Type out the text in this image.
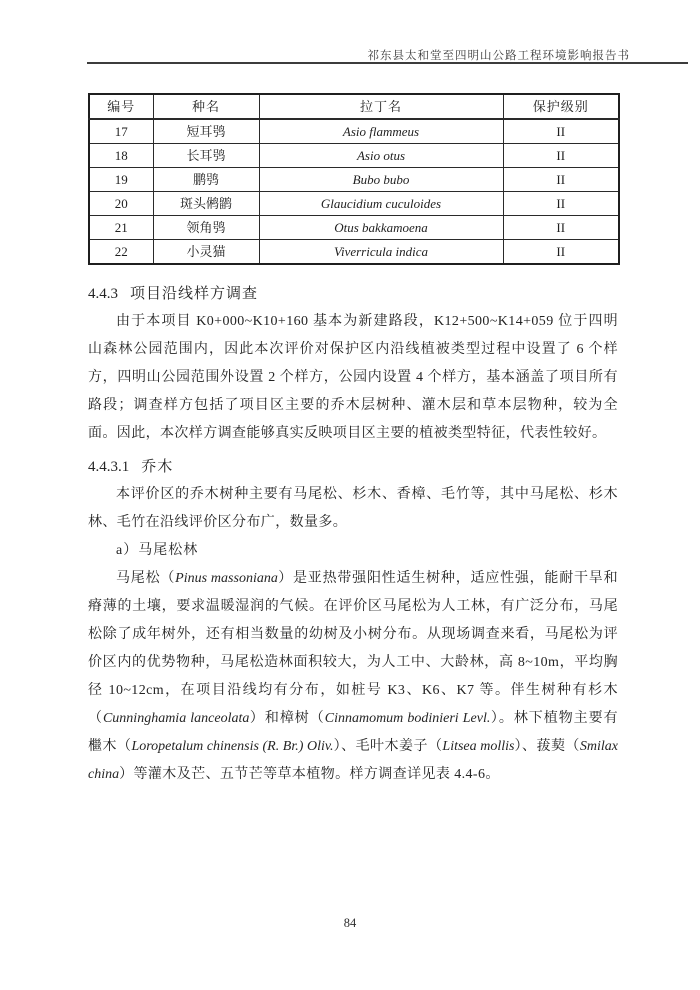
祁东县太和堂至四明山公路工程环境影响报告书
编号	种名	拉丁名	保护级别
17	短耳鸮	Asio flammeus	II
18	长耳鸮	Asio otus	II
19	鹏鸮	Bubo bubo	II
20	斑头鸺鹠	Glaucidium cuculoides	II
21	领角鸮	Otus bakkamoena	II
22	小灵猫	Viverricula indica	II
4.4.3 项目沿线样方调查

由于本项目 K0+000~K10+160 基本为新建路段，K12+500~K14+059 位于四明山森林公园范围内，因此本次评价对保护区内沿线植被类型过程中设置了 6 个样方，四明山公园范围外设置 2 个样方，公园内设置 4 个样方，基本涵盖了项目所有路段；调查样方包括了项目区主要的乔木层树种、灌木层和草本层物种，较为全面。因此，本次样方调查能够真实反映项目区主要的植被类型特征，代表性较好。

4.4.3.1 乔木

本评价区的乔木树种主要有马尾松、杉木、香樟、毛竹等，其中马尾松、杉木林、毛竹在沿线评价区分布广，数量多。

a）马尾松林

马尾松（Pinus massoniana）是亚热带强阳性适生树种，适应性强，能耐干旱和瘠薄的土壤，要求温暖湿润的气候。在评价区马尾松为人工林，有广泛分布，马尾松除了成年树外，还有相当数量的幼树及小树分布。从现场调查来看，马尾松为评价区内的优势物种，马尾松造林面积较大，为人工中、大龄林，高 8~10m，平均胸径 10~12cm，在项目沿线均有分布，如桩号 K3、K6、K7 等。伴生树种有杉木（Cunninghamia lanceolata）和樟树（Cinnamomum bodinieri Levl.）。林下植物主要有檵木（Loropetalum chinensis (R. Br.) Oliv.）、毛叶木姜子（Litsea mollis）、菝葜（Smilax china）等灌木及芒、五节芒等草本植物。样方调查详见表 4.4-6。

84
